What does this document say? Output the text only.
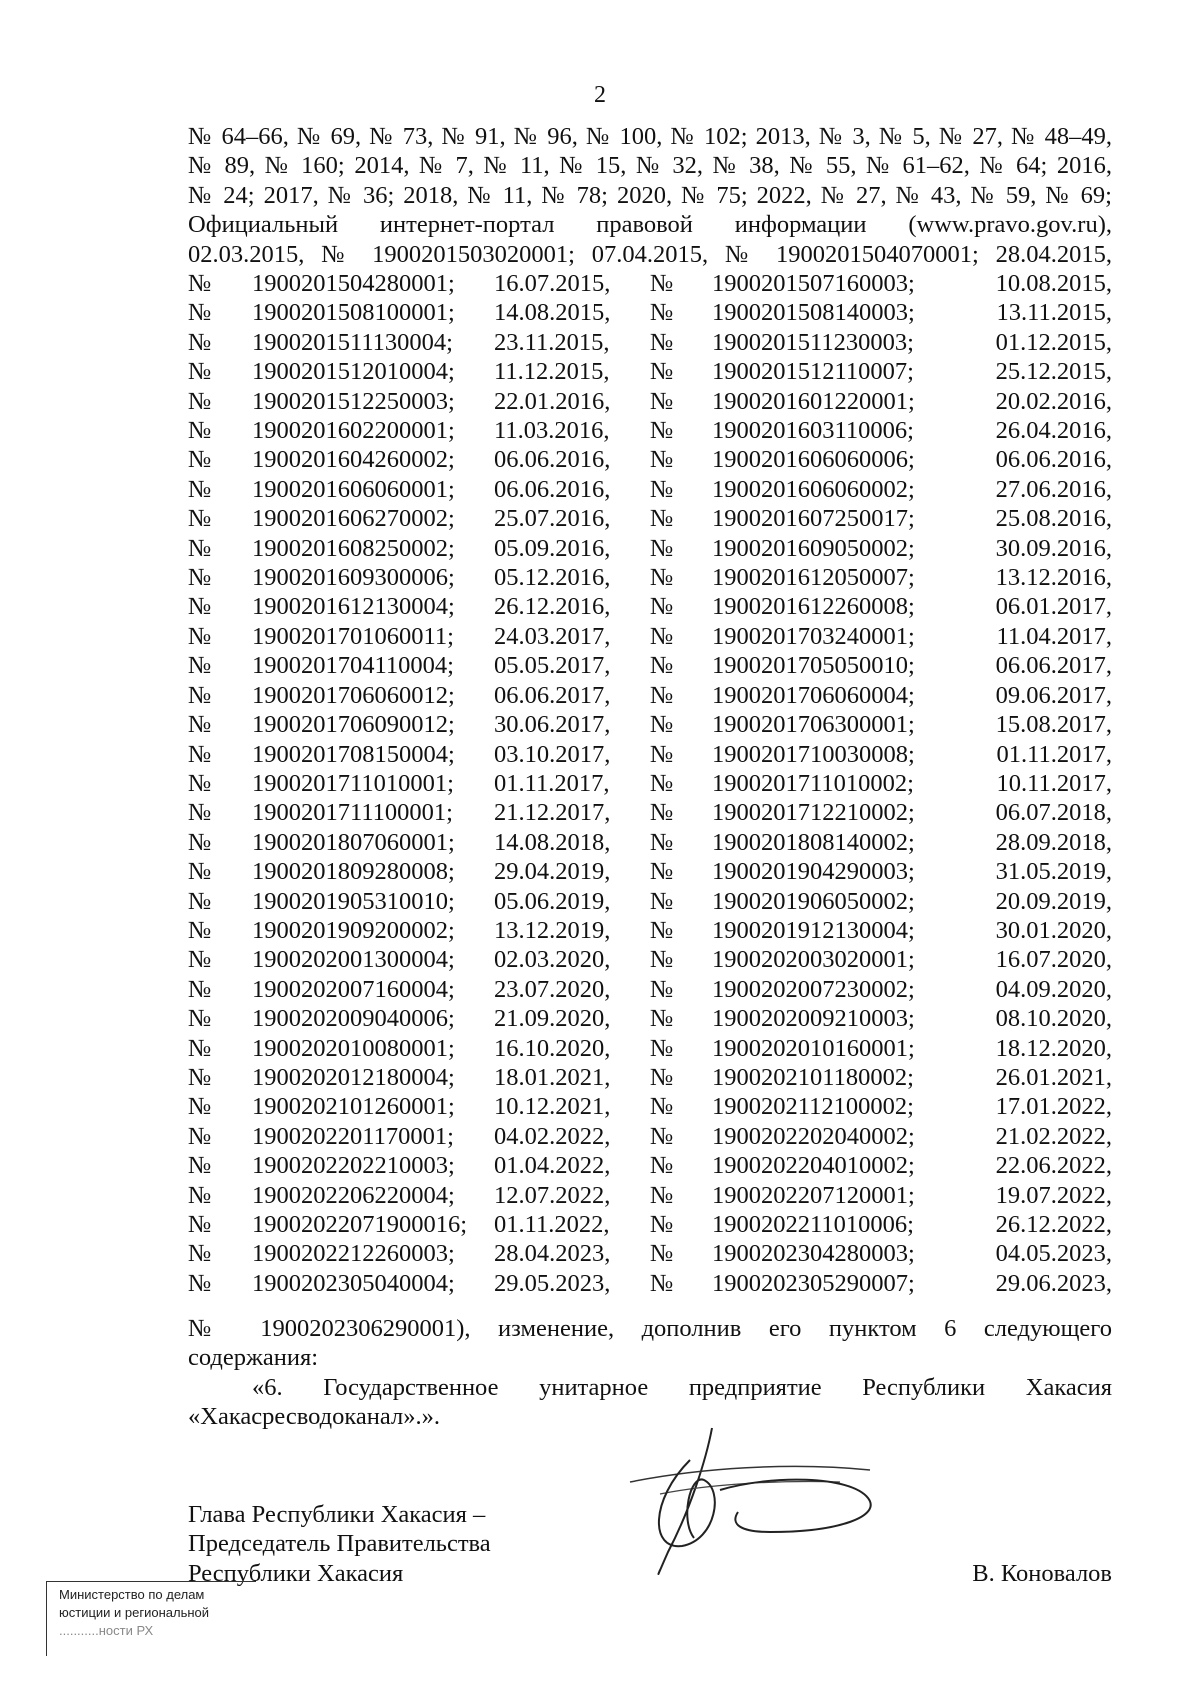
2
№ 64–66, № 69, № 73, № 91, № 96, № 100, № 102; 2013, № 3, № 5, № 27, № 48–49,
№ 89, № 160; 2014, № 7, № 11, № 15, № 32, № 38, № 55, № 61–62, № 64; 2016,
№ 24; 2017, № 36; 2018, № 11, № 78; 2020, № 75; 2022, № 27, № 43, № 59, № 69;
Официальный интернет-портал правовой информации (www.pravo.gov.ru),
02.03.2015, № 1900201503020001; 07.04.2015, № 1900201504070001; 28.04.2015,
№	1900201504280001;	16.07.2015,	№	1900201507160003;	10.08.2015,
№	1900201508100001;	14.08.2015,	№	1900201508140003;	13.11.2015,
№	1900201511130004;	23.11.2015,	№	1900201511230003;	01.12.2015,
№	1900201512010004;	11.12.2015,	№	1900201512110007;	25.12.2015,
№	1900201512250003;	22.01.2016,	№	1900201601220001;	20.02.2016,
№	1900201602200001;	11.03.2016,	№	1900201603110006;	26.04.2016,
№	1900201604260002;	06.06.2016,	№	1900201606060006;	06.06.2016,
№	1900201606060001;	06.06.2016,	№	1900201606060002;	27.06.2016,
№	1900201606270002;	25.07.2016,	№	1900201607250017;	25.08.2016,
№	1900201608250002;	05.09.2016,	№	1900201609050002;	30.09.2016,
№	1900201609300006;	05.12.2016,	№	1900201612050007;	13.12.2016,
№	1900201612130004;	26.12.2016,	№	1900201612260008;	06.01.2017,
№	1900201701060011;	24.03.2017,	№	1900201703240001;	11.04.2017,
№	1900201704110004;	05.05.2017,	№	1900201705050010;	06.06.2017,
№	1900201706060012;	06.06.2017,	№	1900201706060004;	09.06.2017,
№	1900201706090012;	30.06.2017,	№	1900201706300001;	15.08.2017,
№	1900201708150004;	03.10.2017,	№	1900201710030008;	01.11.2017,
№	1900201711010001;	01.11.2017,	№	1900201711010002;	10.11.2017,
№	1900201711100001;	21.12.2017,	№	1900201712210002;	06.07.2018,
№	1900201807060001;	14.08.2018,	№	1900201808140002;	28.09.2018,
№	1900201809280008;	29.04.2019,	№	1900201904290003;	31.05.2019,
№	1900201905310010;	05.06.2019,	№	1900201906050002;	20.09.2019,
№	1900201909200002;	13.12.2019,	№	1900201912130004;	30.01.2020,
№	1900202001300004;	02.03.2020,	№	1900202003020001;	16.07.2020,
№	1900202007160004;	23.07.2020,	№	1900202007230002;	04.09.2020,
№	1900202009040006;	21.09.2020,	№	1900202009210003;	08.10.2020,
№	1900202010080001;	16.10.2020,	№	1900202010160001;	18.12.2020,
№	1900202012180004;	18.01.2021,	№	1900202101180002;	26.01.2021,
№	1900202101260001;	10.12.2021,	№	1900202112100002;	17.01.2022,
№	1900202201170001;	04.02.2022,	№	1900202202040002;	21.02.2022,
№	1900202202210003;	01.04.2022,	№	1900202204010002;	22.06.2022,
№	1900202206220004;	12.07.2022,	№	1900202207120001;	19.07.2022,
№	19002022071900016;	01.11.2022,	№	1900202211010006;	26.12.2022,
№	1900202212260003;	28.04.2023,	№	1900202304280003;	04.05.2023,
№	1900202305040004;	29.05.2023,	№	1900202305290007;	29.06.2023,
№ 1900202306290001), изменение, дополнив его пунктом 6 следующего
содержания:
«6. Государственное унитарное предприятие Республики Хакасия
«Хакасресводоканал».».
Глава Республики Хакасия –
Председатель Правительства
Республики Хакасия	В. Коновалов
Министерство по делам
юстиции и региональной
...........ности РХ
